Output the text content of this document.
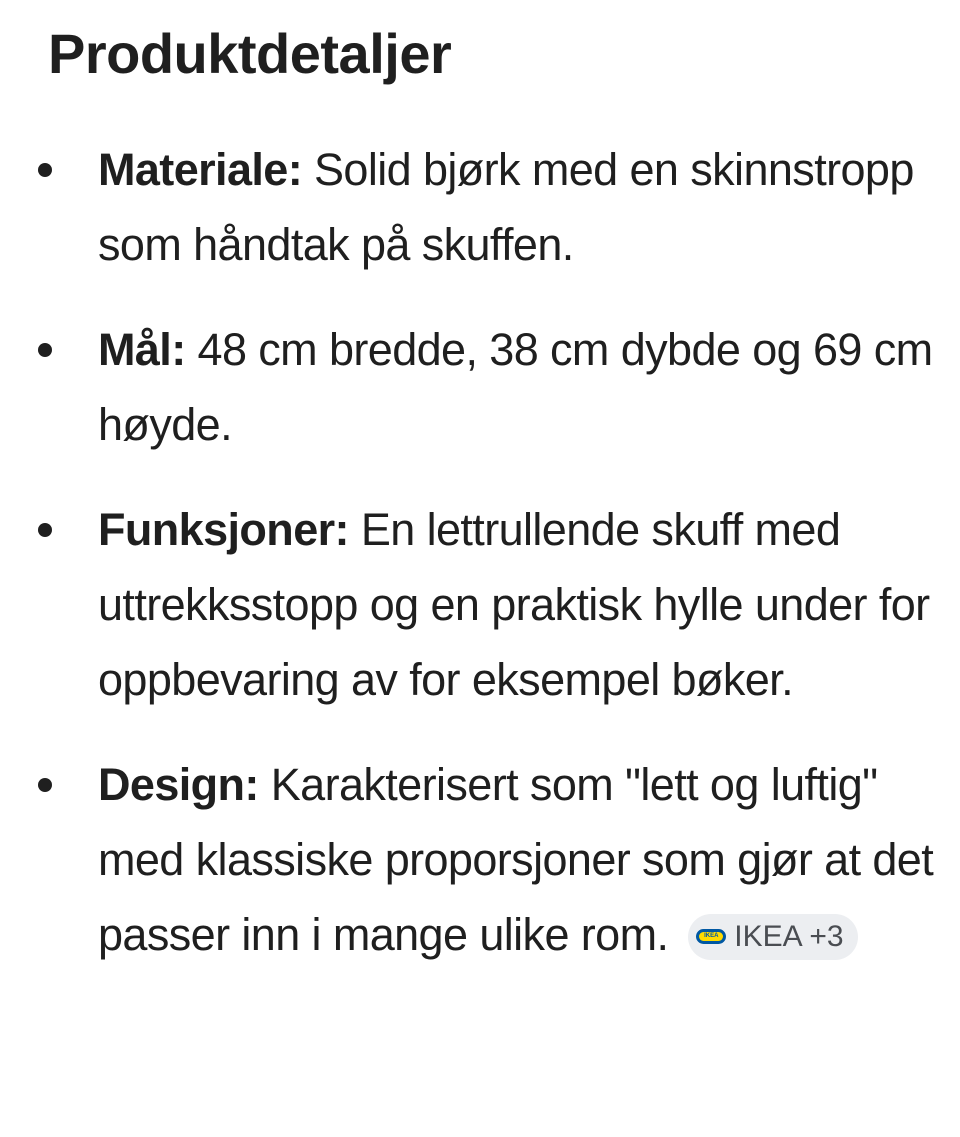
Produktdetaljer
Materiale: Solid bjørk med en skinnstropp som håndtak på skuffen.
Mål: 48 cm bredde, 38 cm dybde og 69 cm høyde.
Funksjoner: En lettrullende skuff med uttrekksstopp og en praktisk hylle under for oppbevaring av for eksempel bøker.
Design: Karakterisert som "lett og luftig" med klassiske proporsjoner som gjør at det passer inn i mange ulike rom.	IKEA IKEA +3
